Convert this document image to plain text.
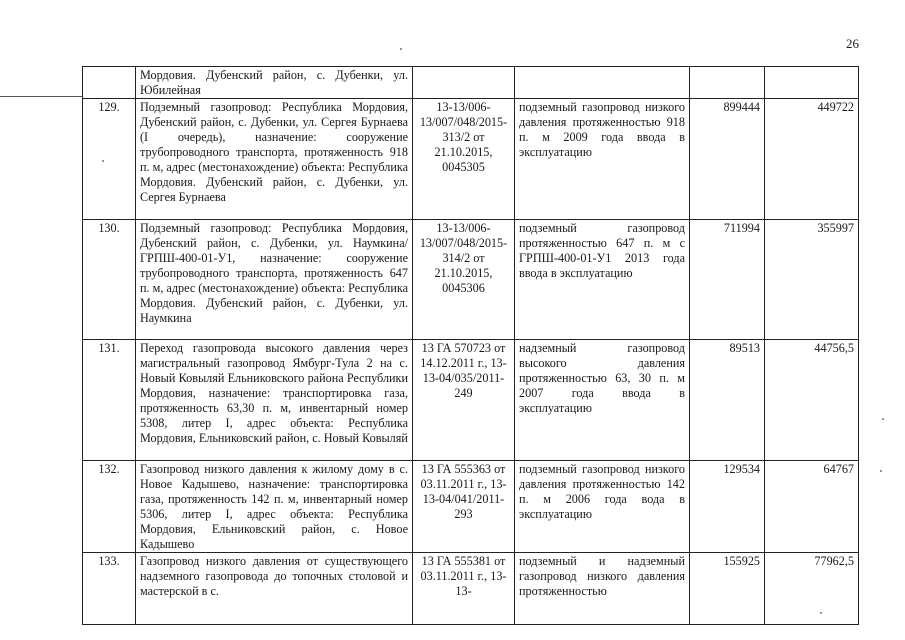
26
	Мордовия. Дубенский район, с. Дубенки, ул. Юбилейная				
129.	Подземный газопровод: Республика Мордовия, Дубенский район, с. Дубенки, ул. Сергея Бурнаева (I очередь), назначение: сооружение трубопроводного транспорта, протяженность 918 п. м, адрес (местонахождение) объекта: Республика Мордовия. Дубенский район, с. Дубенки, ул. Сергея Бурнаева	13-13/006-13/007/048/2015-313/2 от 21.10.2015, 0045305	подземный газопровод низкого давления протяженностью 918 п. м 2009 года ввода в эксплуатацию	899444	449722
130.	Подземный газопровод: Республика Мордовия, Дубенский район, с. Дубенки, ул. Наумкина/ГРПШ-400-01-У1, назначение: сооружение трубопроводного транспорта, протяженность 647 п. м, адрес (местонахождение) объекта: Республика Мордовия. Дубенский район, с. Дубенки, ул. Наумкина	13-13/006-13/007/048/2015-314/2 от 21.10.2015, 0045306	подземный газопровод протяженностью 647 п. м с ГРПШ-400-01-У1 2013 года ввода в эксплуатацию	711994	355997
131.	Переход газопровода высокого давления через магистральный газопровод Ямбург-Тула 2 на с. Новый Ковыляй Ельниковского района Республики Мордовия, назначение: транспортировка газа, протяженность 63,30 п. м, инвентарный номер 5308, литер I, адрес объекта: Республика Мордовия, Ельниковский район, с. Новый Ковыляй	13 ГА 570723 от 14.12.2011 г., 13-13-04/035/2011-249	надземный газопровод высокого давления протяженностью 63, 30 п. м 2007 года ввода в эксплуатацию	89513	44756,5
132.	Газопровод низкого давления к жилому дому в с. Новое Кадышево, назначение: транспортировка газа, протяженность 142 п. м, инвентарный номер 5306, литер I, адрес объекта: Республика Мордовия, Ельниковский район, с. Новое Кадышево	13 ГА 555363 от 03.11.2011 г., 13-13-04/041/2011-293	подземный газопровод низкого давления протяженностью 142 п. м 2006 года вода в эксплуатацию	129534	64767
133.	Газопровод низкого давления от существующего надземного газопровода до топочных столовой и мастерской в с.	13 ГА 555381 от 03.11.2011 г., 13-13-	подземный и надземный газопровод низкого давления протяженностью	155925	77962,5
